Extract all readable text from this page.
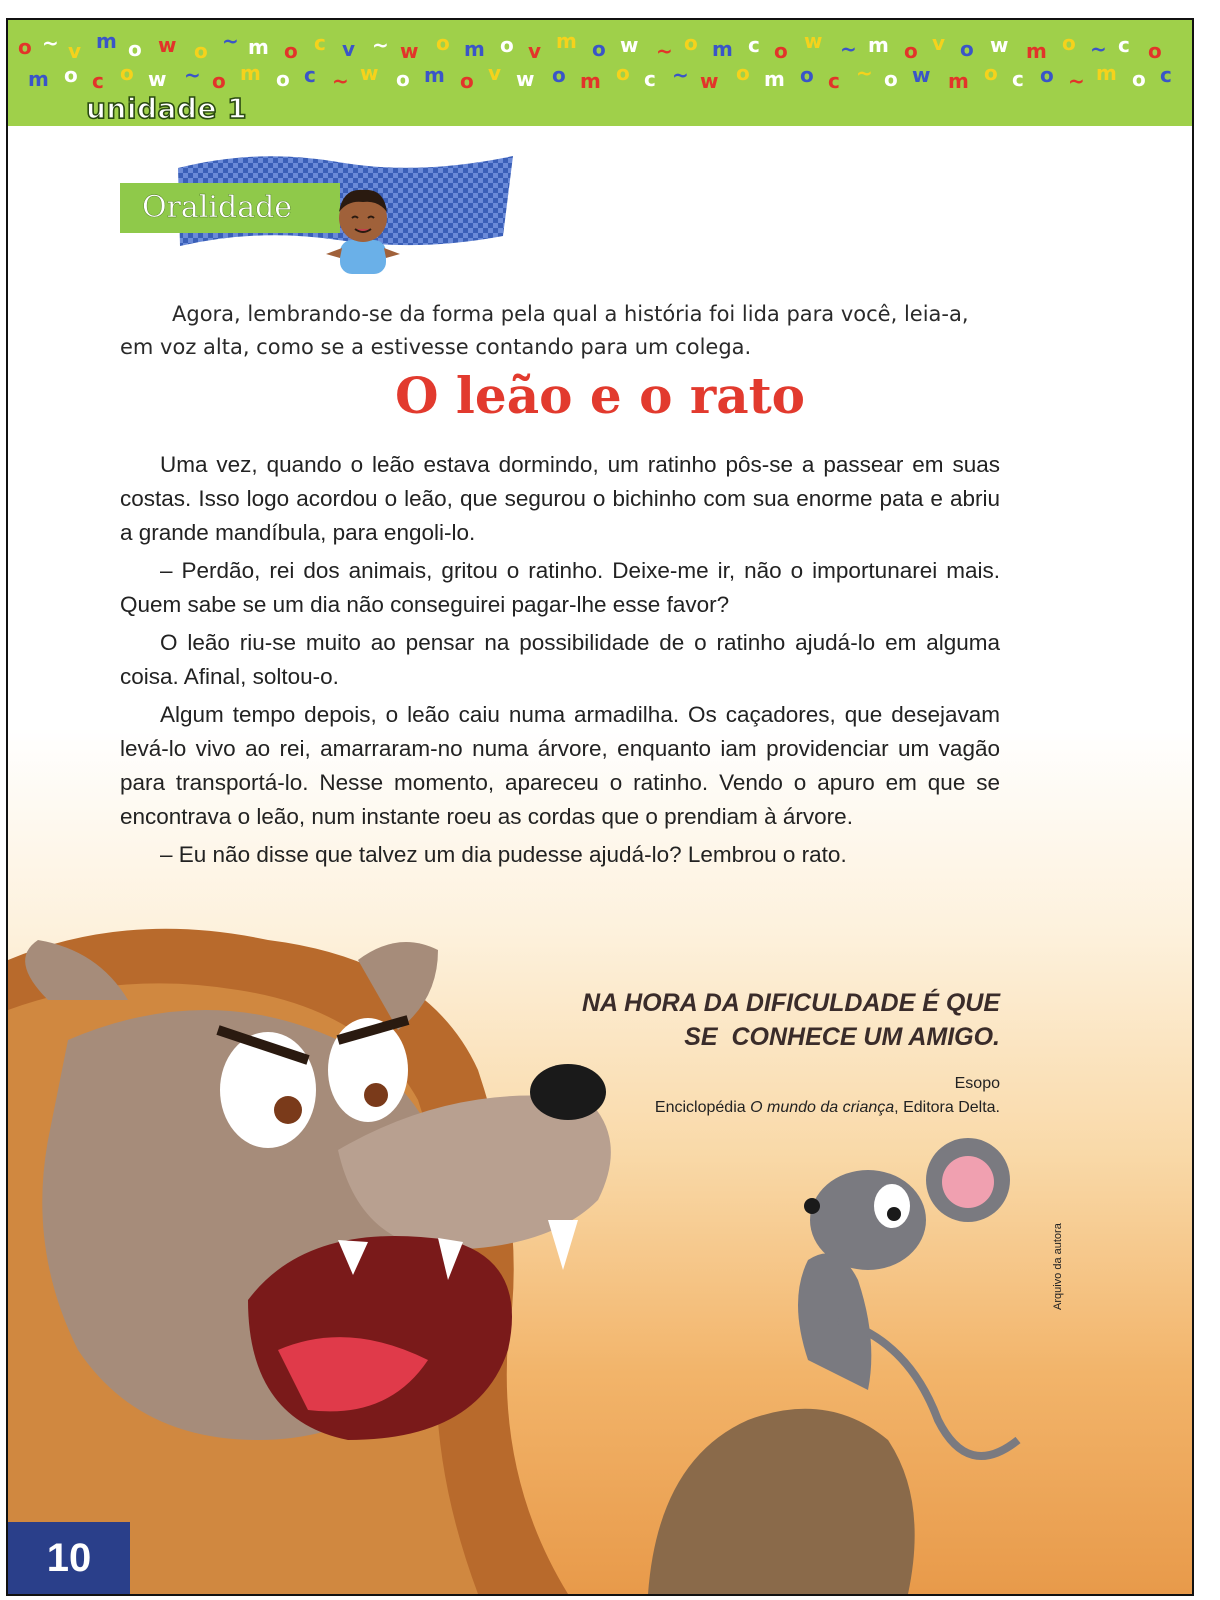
o ~ v m o w o ~ m o c v ~ w o m o v m o w ~ o m c o w ~ m o v o w m o ~ c o
m o c o w ~ o m o c ~ w o m o v w o m o c ~ w o m o c ~ o w m o c o ~ m o c
unidade 1
Oralidade

Agora, lembrando-se da forma pela qual a história foi lida para você, leia-a, em voz alta, como se a estivesse contando para um colega.

O leão e o rato

Uma vez, quando o leão estava dormindo, um ratinho pôs-se a passear em suas costas. Isso logo acordou o leão, que segurou o bichinho com sua enorme pata e abriu a grande mandíbula, para engoli-lo.

– Perdão, rei dos animais, gritou o ratinho. Deixe-me ir, não o importunarei mais. Quem sabe se um dia não conseguirei pagar-lhe esse favor?

O leão riu-se muito ao pensar na possibilidade de o ratinho ajudá-lo em alguma coisa. Afinal, soltou-o.

Algum tempo depois, o leão caiu numa armadilha. Os caçadores, que desejavam levá-lo vivo ao rei, amarraram-no numa árvore, enquanto iam providenciar um vagão para transportá-lo. Nesse momento, apareceu o ratinho. Vendo o apuro em que se encontrava o leão, num instante roeu as cordas que o prendiam à árvore.

– Eu não disse que talvez um dia pudesse ajudá-lo? Lembrou o rato.

NA HORA DA DIFICULDADE É QUE
SE  CONHECE UM AMIGO.
Esopo
Enciclopédia O mundo da criança, Editora Delta.
Arquivo da autora
10
